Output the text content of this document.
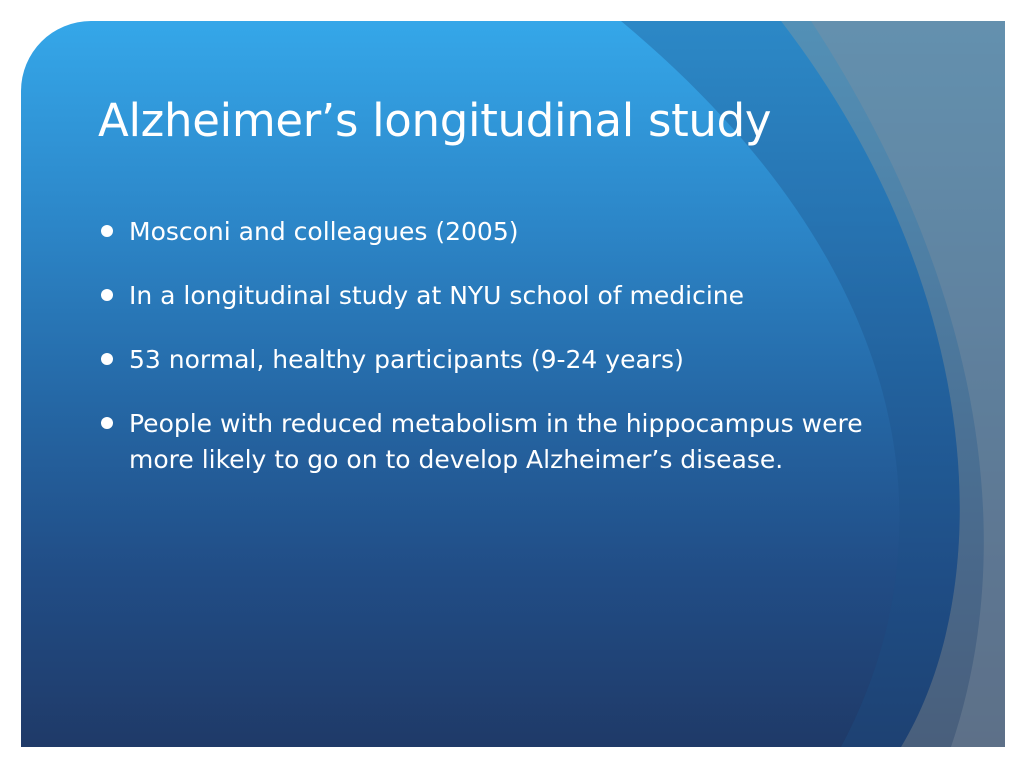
Alzheimer’s longitudinal study
Mosconi and colleagues (2005)
In a longitudinal study at NYU school of medicine
53 normal, healthy participants (9-24 years)
People with reduced metabolism in the hippocampus were more likely to go on to develop Alzheimer’s disease.
